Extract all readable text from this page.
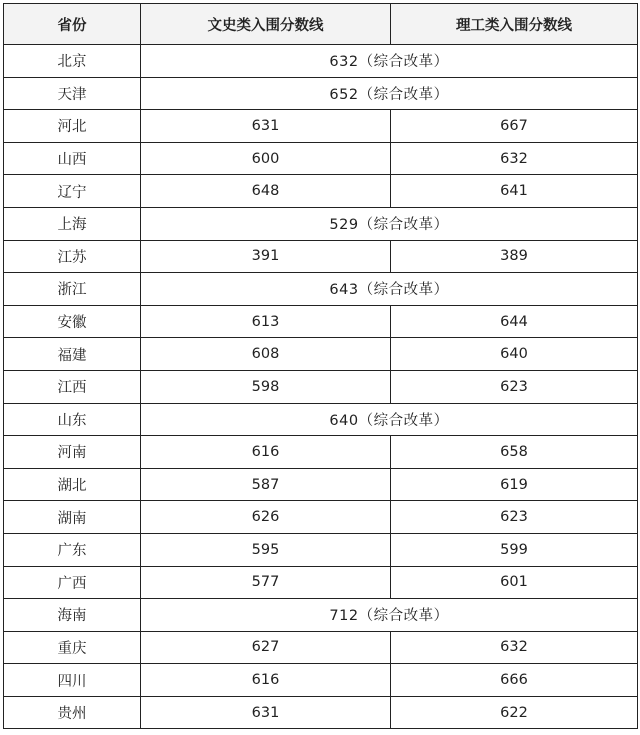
省份	文史类入围分数线	理工类入围分数线
北京	632（综合改革）	
天津	652（综合改革）	
河北	631	667
山西	600	632
辽宁	648	641
上海	529（综合改革）	
江苏	391	389
浙江	643（综合改革）	
安徽	613	644
福建	608	640
江西	598	623
山东	640（综合改革）	
河南	616	658
湖北	587	619
湖南	626	623
广东	595	599
广西	577	601
海南	712（综合改革）	
重庆	627	632
四川	616	666
贵州	631	622
